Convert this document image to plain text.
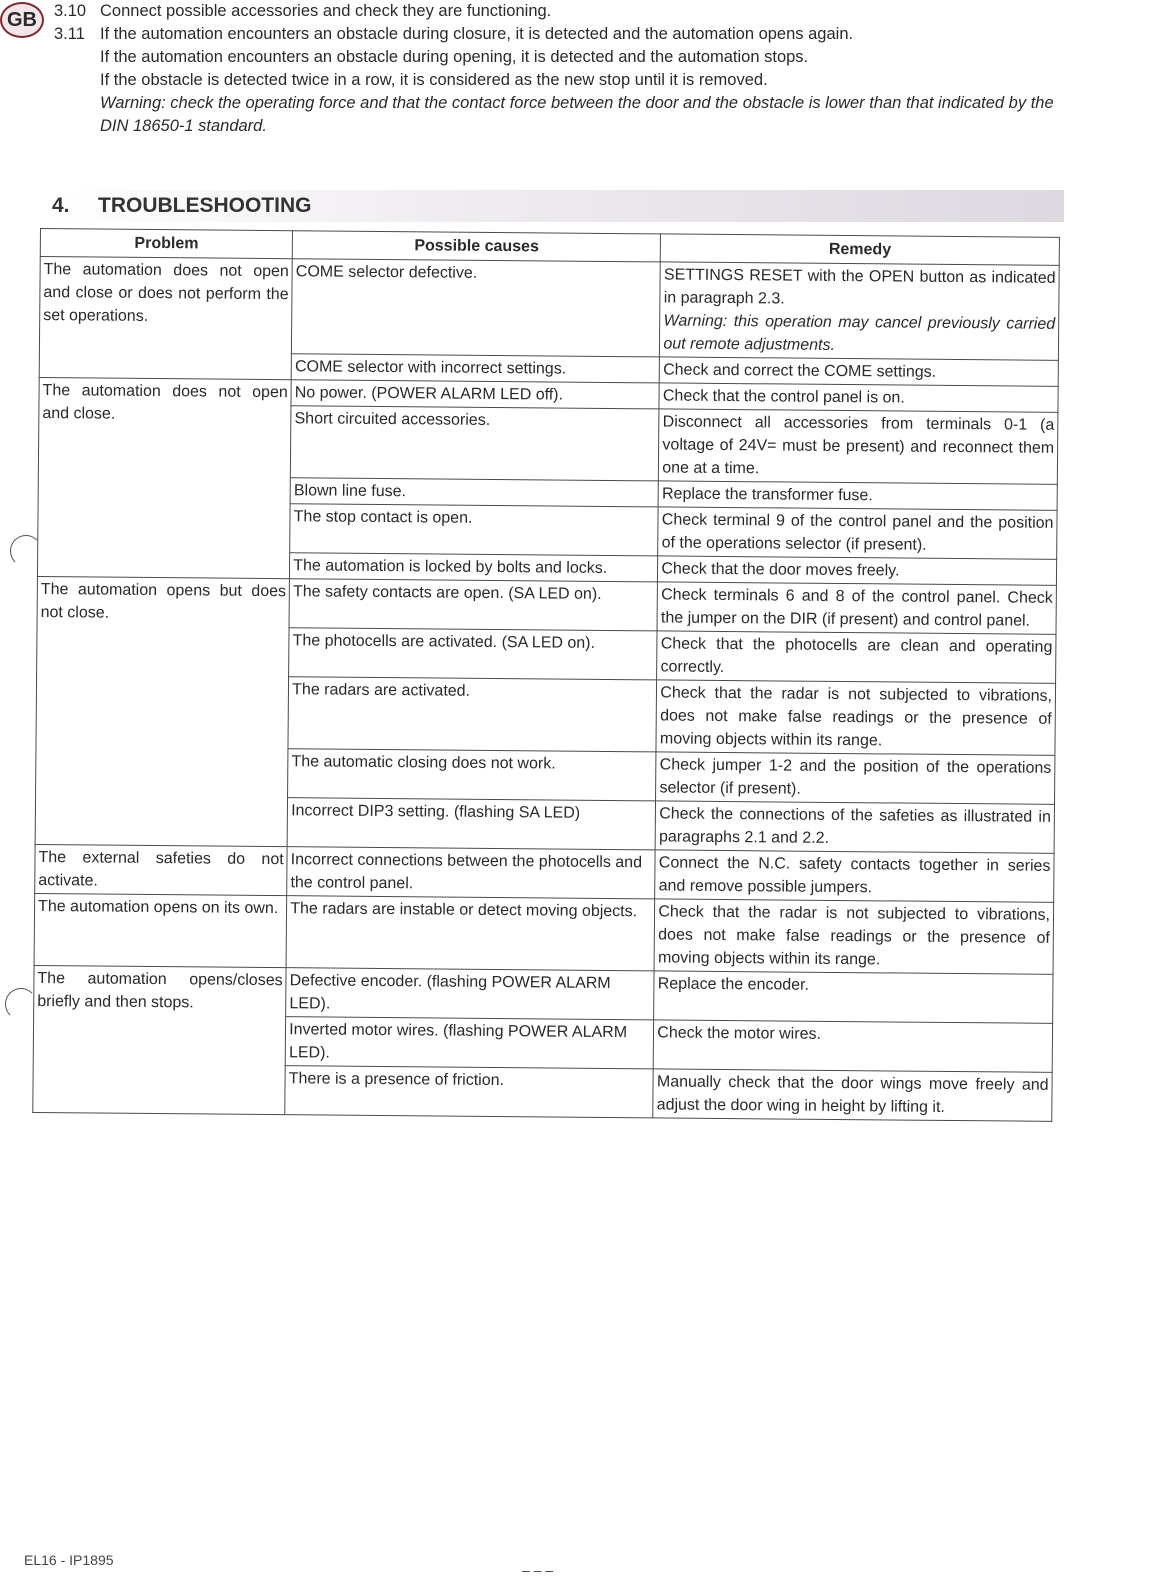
GB	3.10 Connect possible accessories and check they are functioning.
3.11 If the automation encounters an obstacle during closure, it is detected and the automation opens again.
If the automation encounters an obstacle during opening, it is detected and the automation stops.
If the obstacle is detected twice in a row, it is considered as the new stop until it is removed.
Warning: check the operating force and that the contact force between the door and the obstacle is lower than that indicated by the DIN 18650-1 standard.
4.	TROUBLESHOOTING
Problem	Possible causes	Remedy
The automation does not open and close or does not perform the set operations.	COME selector defective.	SETTINGS RESET with the OPEN button as indicated in paragraph 2.3.
Warning: this operation may cancel previously carried out remote adjustments.

	COME selector with incorrect settings.	Check and correct the COME settings.
The automation does not open and close.	No power. (POWER ALARM LED off).	Check that the control panel is on.
	Short circuited accessories.	Disconnect all accessories from terminals 0-1 (a voltage of 24V= must be present) and reconnect them one at a time.
	Blown line fuse.	Replace the transformer fuse.
	The stop contact is open.	Check terminal 9 of the control panel and the position of the operations selector (if present).
	The automation is locked by bolts and locks.	Check that the door moves freely.
The automation opens but does not close.	The safety contacts are open. (SA LED on).	Check terminals 6 and 8 of the control panel. Check the jumper on the DIR (if present) and control panel.
	The photocells are activated. (SA LED on).	Check that the photocells are clean and operating correctly.
	The radars are activated.	Check that the radar is not subjected to vibrations, does not make false readings or the presence of moving objects within its range.
	The automatic closing does not work.	Check jumper 1-2 and the position of the operations selector (if present).
	Incorrect DIP3 setting. (flashing SA LED)	Check the connections of the safeties as illustrated in paragraphs 2.1 and 2.2.
The external safeties do not activate.	Incorrect connections between the photocells and the control panel.	Connect the N.C. safety contacts together in series and remove possible jumpers.
The automation opens on its own.	The radars are instable or detect moving objects.	Check that the radar is not subjected to vibrations, does not make false readings or the presence of moving objects within its range.
The automation opens/closes briefly and then stops.	Defective encoder. (flashing POWER ALARM LED).	Replace the encoder.
	Inverted motor wires. (flashing POWER ALARM LED).	Check the motor wires.
	There is a presence of friction.	Manually check that the door wings move freely and adjust the door wing in height by lifting it.
EL16 - IP1895
– – –
